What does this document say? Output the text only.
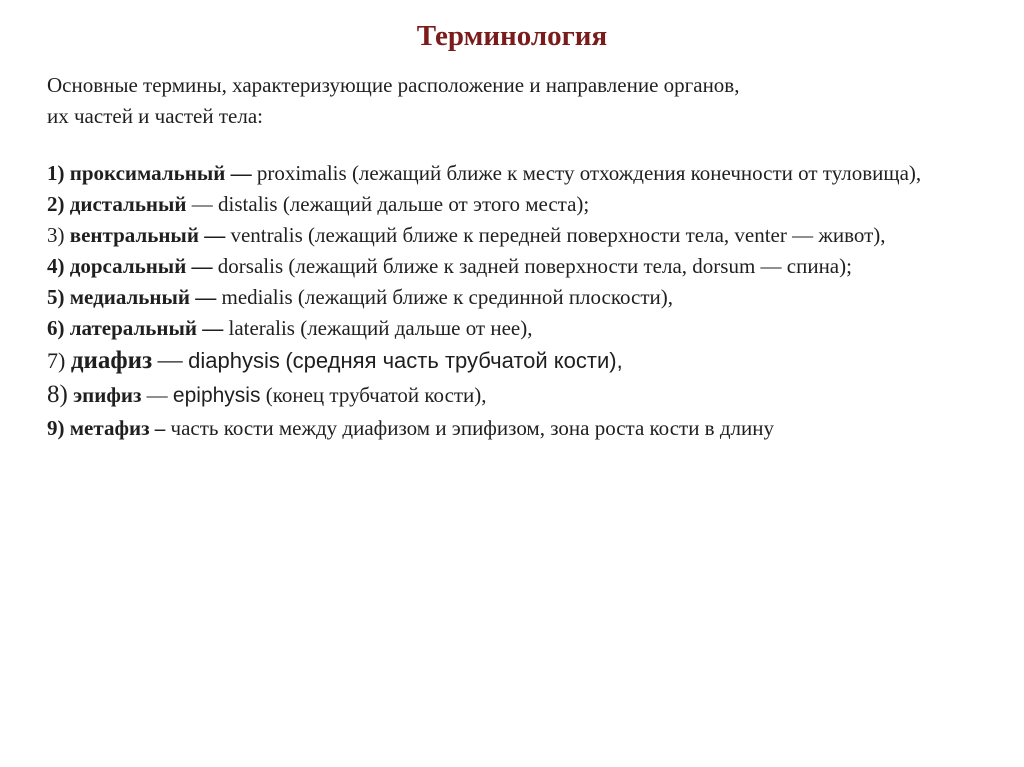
Терминология
Основные термины, характеризующие расположение и направление органов,
их частей и частей тела:
1) проксимальный — proximalis (лежащий ближе к месту отхождения конечности от туловища),
2) дистальный — distalis (лежащий дальше от этого места);
3) вентральный — ventralis (лежащий ближе к передней поверхности тела, venter — живот),
4) дорсальный — dorsalis (лежащий ближе к задней поверхности тела, dorsum — спина);
5) медиальный — medialis (лежащий ближе к срединной плоскости),
6) латеральный — lateralis (лежащий дальше от нее),
7) диафиз — diaphysis (средняя часть трубчатой кости),
8) эпифиз — epiphysis (конец трубчатой кости),
9) метафиз – часть кости между диафизом и эпифизом, зона роста кости в длину
